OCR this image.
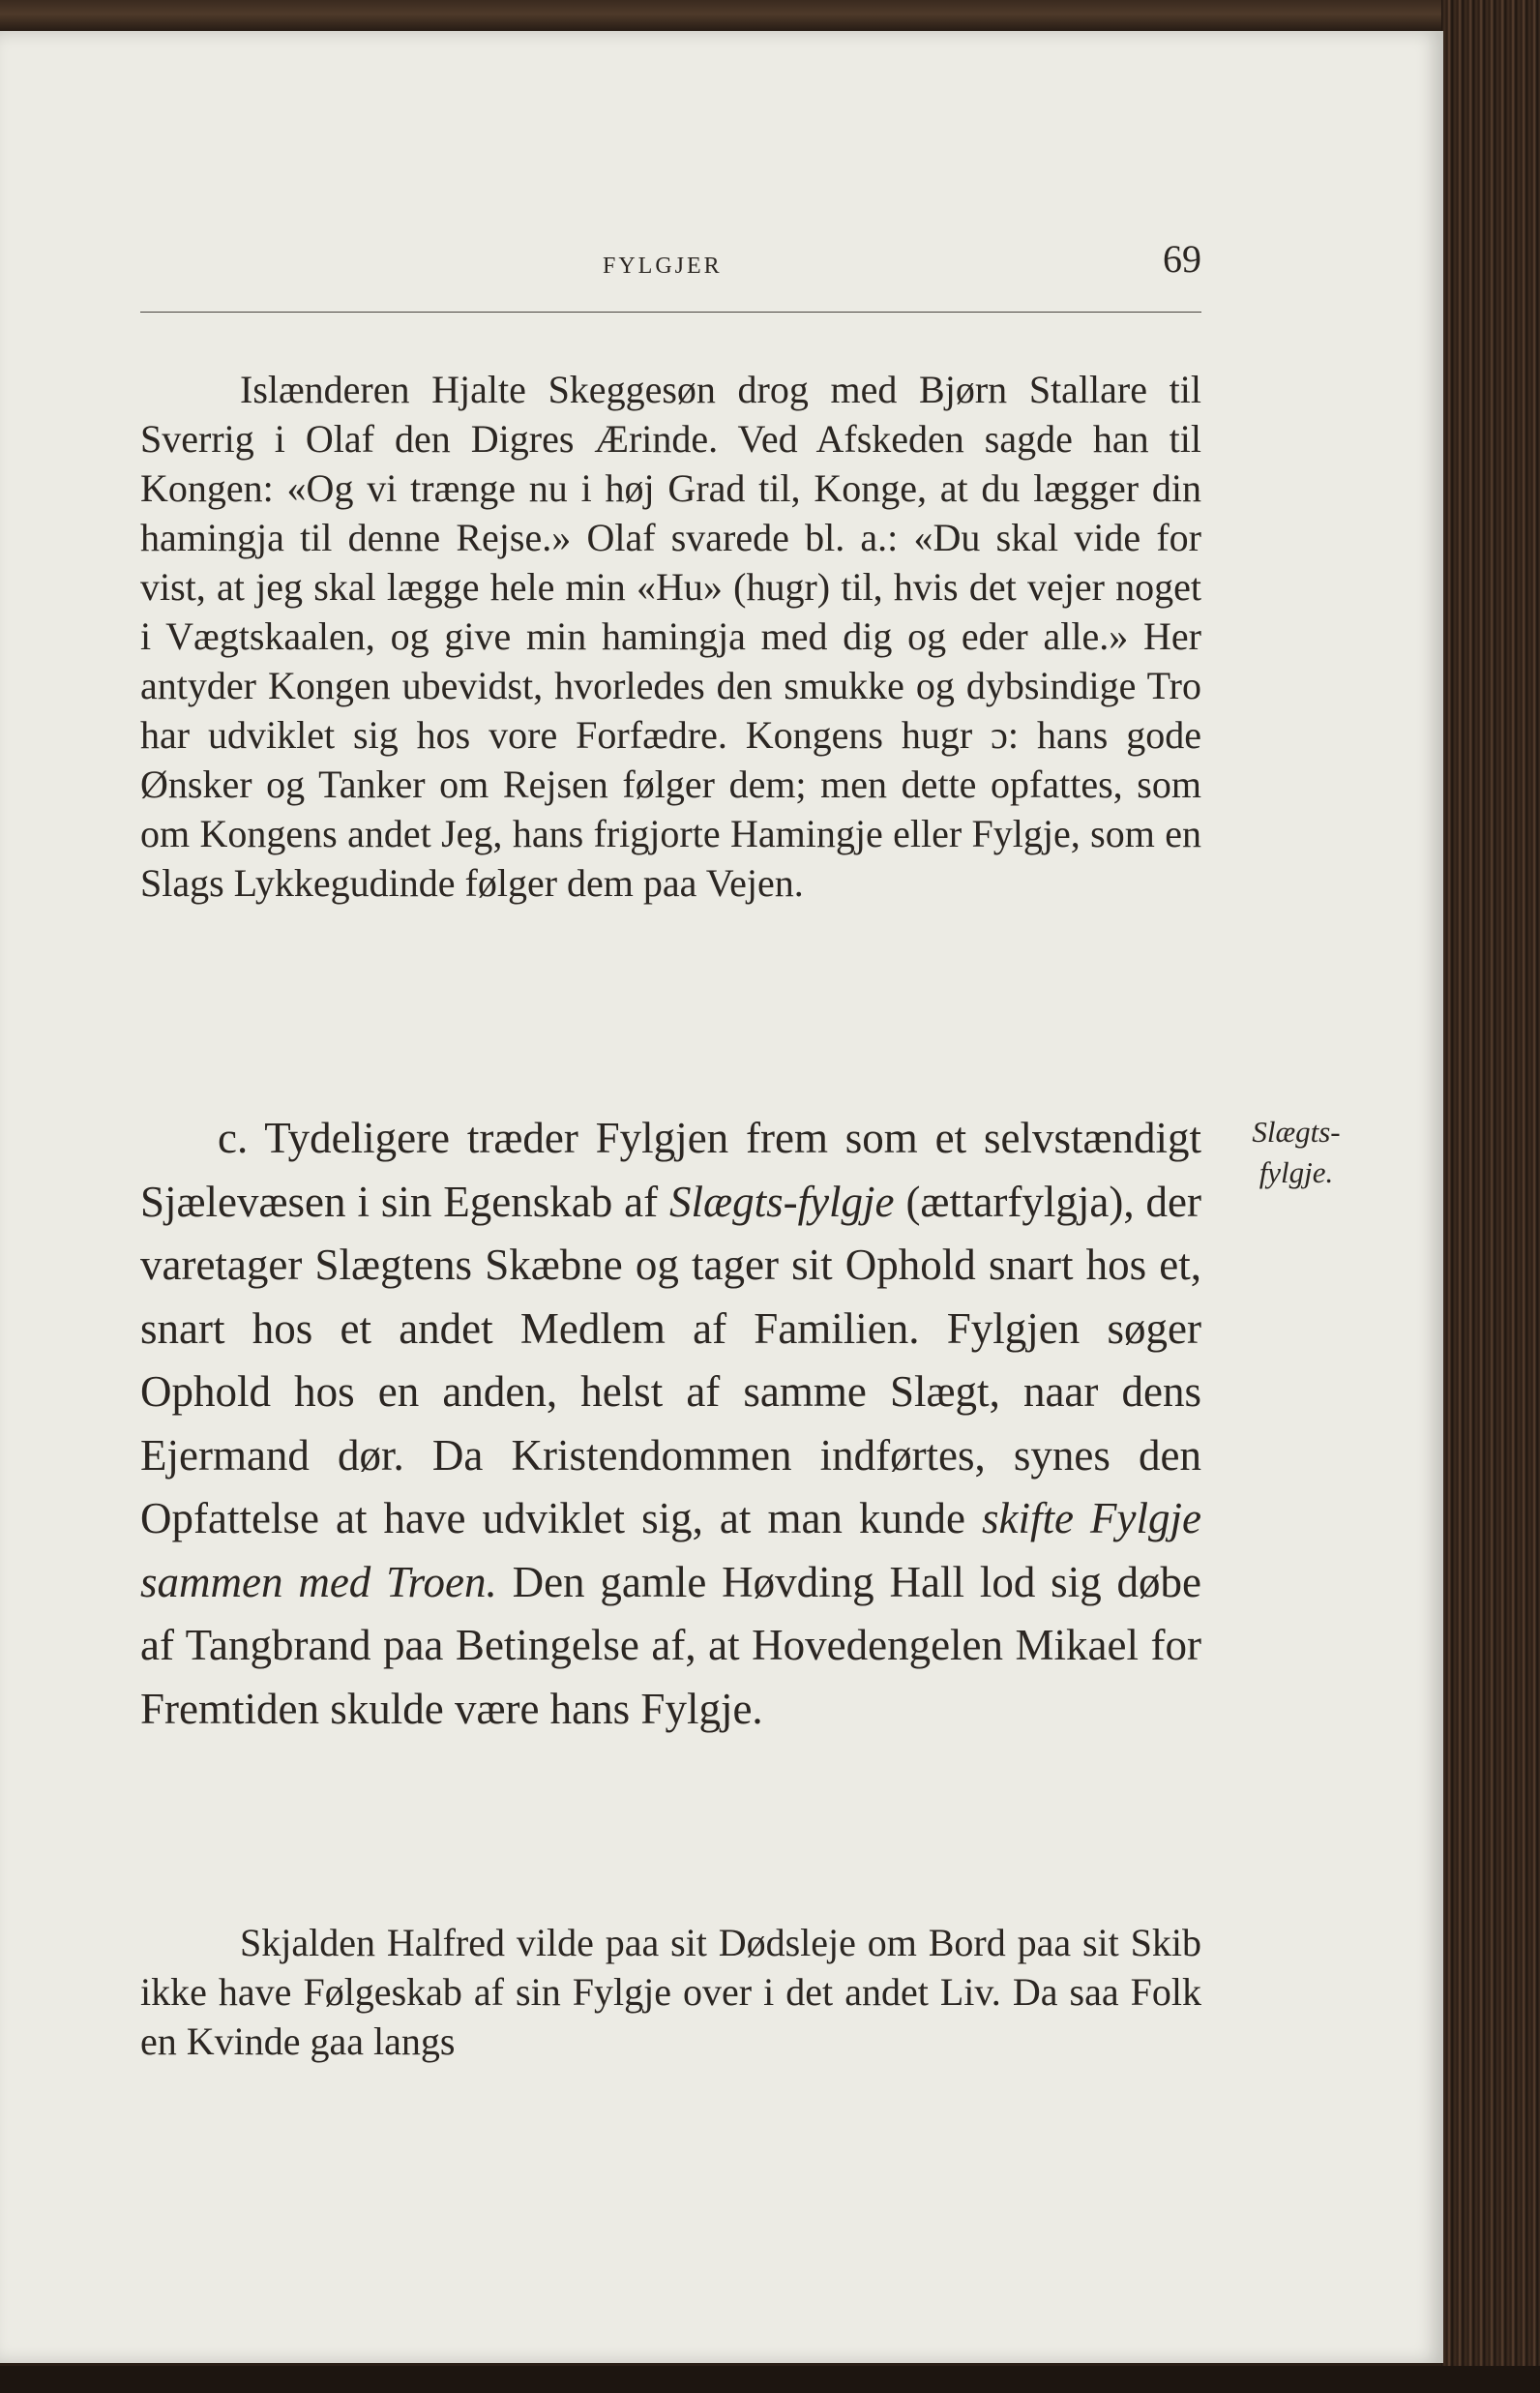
FYLGJER	69

Islænderen Hjalte Skeggesøn drog med Bjørn Stallare til Sverrig i Olaf den Digres Ærinde. Ved Afskeden sagde han til Kongen: «Og vi trænge nu i høj Grad til, Konge, at du lægger din hamingja til denne Rejse.» Olaf svarede bl. a.: «Du skal vide for vist, at jeg skal lægge hele min «Hu» (hugr) til, hvis det vejer noget i Vægtskaalen, og give min hamingja med dig og eder alle.» Her antyder Kongen ubevidst, hvorledes den smukke og dybsindige Tro har udviklet sig hos vore Forfædre. Kongens hugr ɔ: hans gode Ønsker og Tanker om Rejsen følger dem; men dette opfattes, som om Kongens andet Jeg, hans frigjorte Hamingje eller Fylgje, som en Slags Lykkegudinde følger dem paa Vejen.

c. Tydeligere træder Fylgjen frem som et selvstændigt Sjælevæsen i sin Egenskab af Slægts-fylgje (ættarfylgja), der varetager Slægtens Skæbne og tager sit Ophold snart hos et, snart hos et andet Medlem af Familien. Fylgjen søger Ophold hos en anden, helst af samme Slægt, naar dens Ejermand dør. Da Kristendommen indførtes, synes den Opfattelse at have udviklet sig, at man kunde skifte Fylgje sammen med Troen. Den gamle Høvding Hall lod sig døbe af Tangbrand paa Betingelse af, at Hovedengelen Mikael for Fremtiden skulde være hans Fylgje.

Skjalden Halfred vilde paa sit Dødsleje om Bord paa sit Skib ikke have Følgeskab af sin Fylgje over i det andet Liv. Da saa Folk en Kvinde gaa langs

Slægts-
fylgje.
